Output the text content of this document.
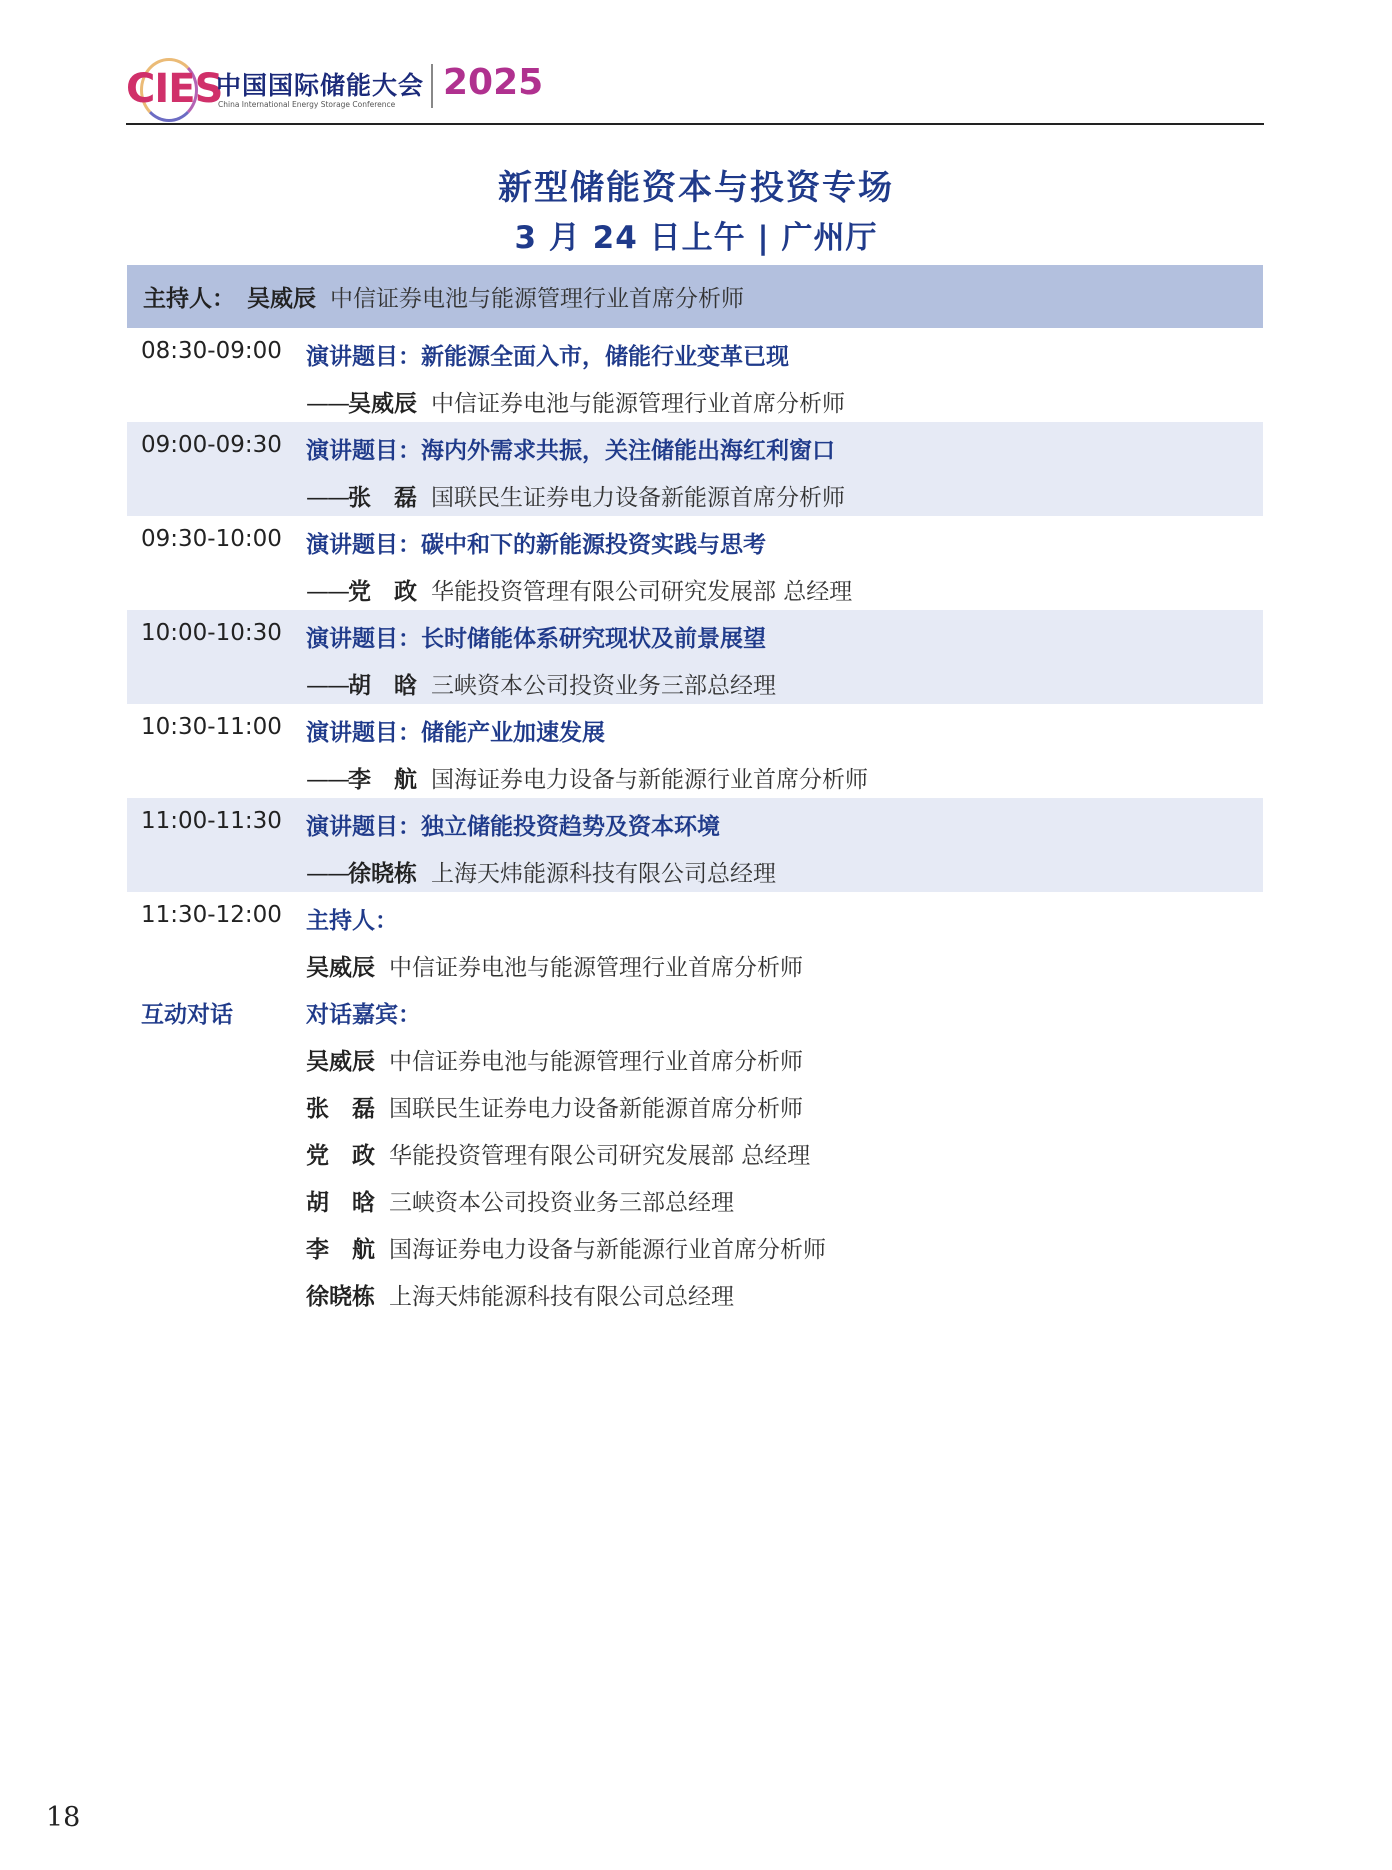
CIES
中国国际储能大会
China International Energy Storage Conference
2025
新型储能资本与投资专场
3 月 24 日上午 | 广州厅
主持人： 吴威辰 中信证券电池与能源管理行业首席分析师
08:30-09:00 演讲题目：新能源全面入市，储能行业变革已现
——吴威辰 中信证券电池与能源管理行业首席分析师
09:00-09:30 演讲题目：海内外需求共振，关注储能出海红利窗口
——张　磊 国联民生证券电力设备新能源首席分析师
09:30-10:00 演讲题目：碳中和下的新能源投资实践与思考
——党　政 华能投资管理有限公司研究发展部 总经理
10:00-10:30 演讲题目：长时储能体系研究现状及前景展望
——胡　晗 三峡资本公司投资业务三部总经理
10:30-11:00 演讲题目：储能产业加速发展
——李　航 国海证券电力设备与新能源行业首席分析师
11:00-11:30 演讲题目：独立储能投资趋势及资本环境
——徐晓栋 上海天炜能源科技有限公司总经理
11:30-12:00 主持人：
吴威辰 中信证券电池与能源管理行业首席分析师
互动对话	对话嘉宾：
吴威辰 中信证券电池与能源管理行业首席分析师
张　磊 国联民生证券电力设备新能源首席分析师
党　政 华能投资管理有限公司研究发展部 总经理
胡　晗 三峡资本公司投资业务三部总经理
李　航 国海证券电力设备与新能源行业首席分析师
徐晓栋 上海天炜能源科技有限公司总经理
18
